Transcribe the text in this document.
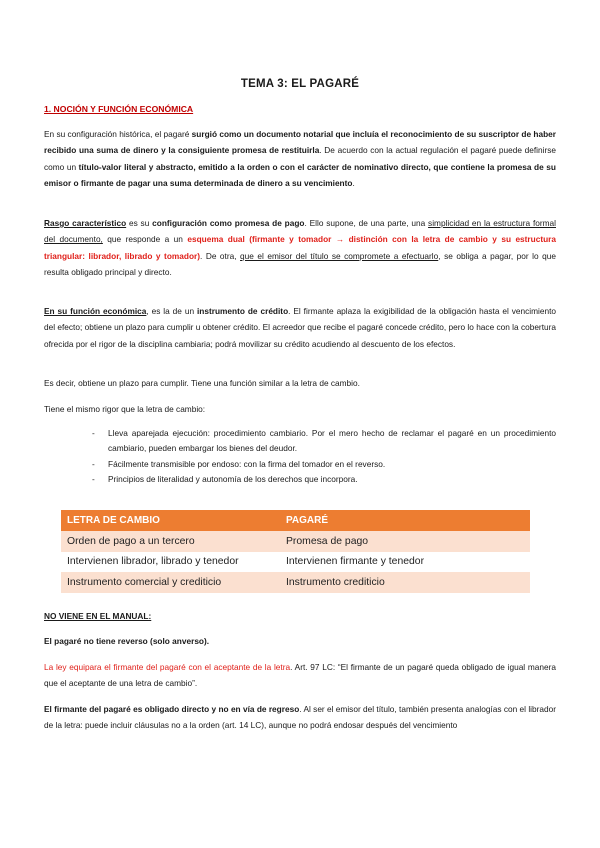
TEMA 3: EL PAGARÉ
1. NOCIÓN Y FUNCIÓN ECONÓMICA

En su configuración histórica, el pagaré surgió como un documento notarial que incluía el reconocimiento de su suscriptor de haber recibido una suma de dinero y la consiguiente promesa de restituirla. De acuerdo con la actual regulación el pagaré puede definirse como un título-valor literal y abstracto, emitido a la orden o con el carácter de nominativo directo, que contiene la promesa de su emisor o firmante de pagar una suma determinada de dinero a su vencimiento.

Rasgo característico es su configuración como promesa de pago. Ello supone, de una parte, una simplicidad en la estructura formal del documento, que responde a un esquema dual (firmante y tomador → distinción con la letra de cambio y su estructura triangular: librador, librado y tomador). De otra, que el emisor del título se compromete a efectuarlo, se obliga a pagar, por lo que resulta obligado principal y directo.

En su función económica, es la de un instrumento de crédito. El firmante aplaza la exigibilidad de la obligación hasta el vencimiento del efecto; obtiene un plazo para cumplir u obtener crédito. El acreedor que recibe el pagaré concede crédito, pero lo hace con la cobertura ofrecida por el rigor de la disciplina cambiaria; podrá movilizar su crédito acudiendo al descuento de los efectos.

Es decir, obtiene un plazo para cumplir. Tiene una función similar a la letra de cambio.

Tiene el mismo rigor que la letra de cambio:

- Lleva aparejada ejecución: procedimiento cambiario. Por el mero hecho de reclamar el pagaré en un procedimiento cambiario, pueden embargar los bienes del deudor.
- Fácilmente transmisible por endoso: con la firma del tomador en el reverso.
- Principios de literalidad y autonomía de los derechos que incorpora.
LETRA DE CAMBIO	PAGARÉ
Orden de pago a un tercero	Promesa de pago
Intervienen librador, librado y tenedor	Intervienen firmante y tenedor
Instrumento comercial y crediticio	Instrumento crediticio

NO VIENE EN EL MANUAL:

El pagaré no tiene reverso (solo anverso).

La ley equipara el firmante del pagaré con el aceptante de la letra. Art. 97 LC: “El firmante de un pagaré queda obligado de igual manera que el aceptante de una letra de cambio”.

El firmante del pagaré es obligado directo y no en vía de regreso. Al ser el emisor del título, también presenta analogías con el librador de la letra: puede incluir cláusulas no a la orden (art. 14 LC), aunque no podrá endosar después del vencimiento
